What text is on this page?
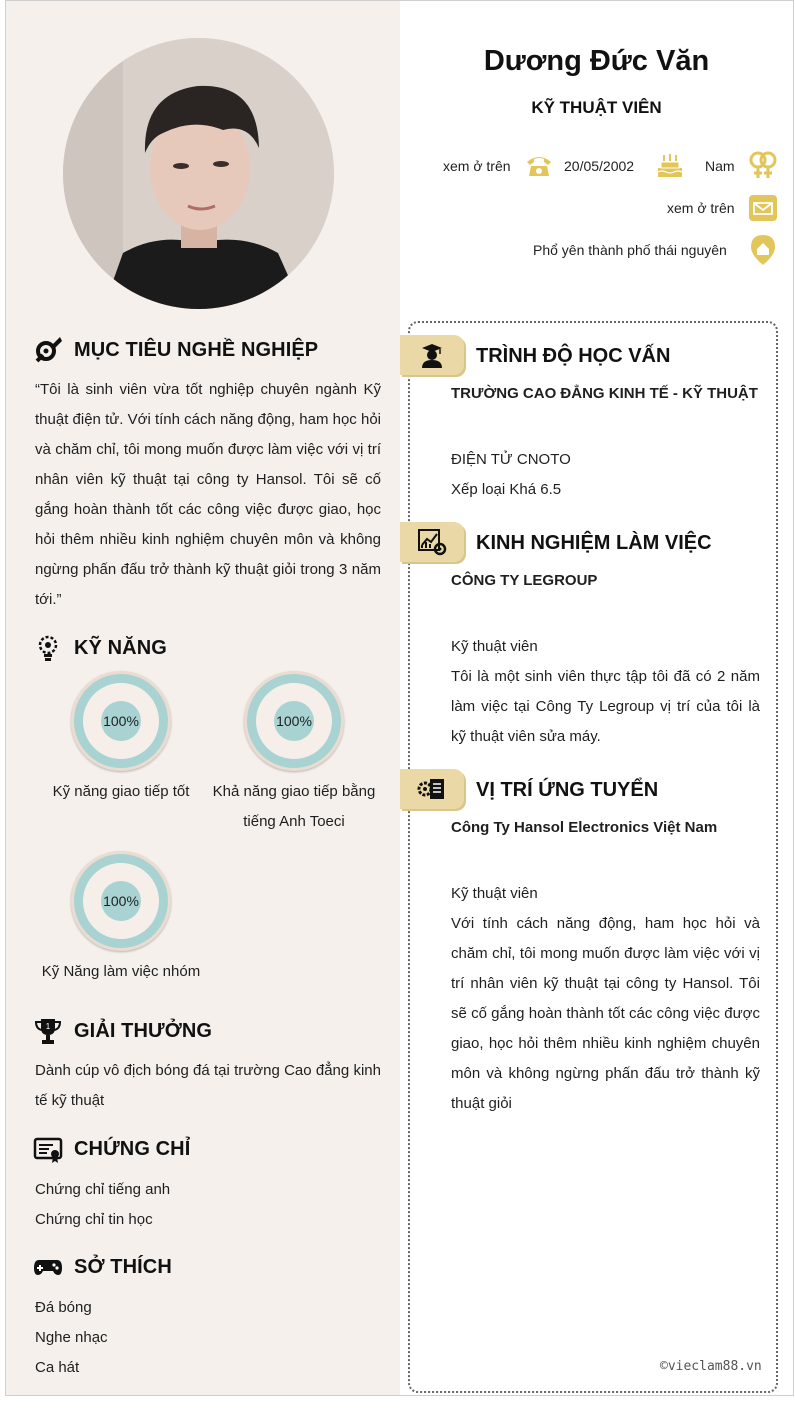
MỤC TIÊU NGHỀ NGHIỆP
“Tôi là sinh viên vừa tốt nghiệp chuyên ngành Kỹ thuật điện tử. Với tính cách năng động, ham học hỏi và chăm chỉ, tôi mong muốn được làm việc với vị trí nhân viên kỹ thuật tại công ty Hansol. Tôi sẽ cố gắng hoàn thành tốt các công việc được giao, học hỏi thêm nhiều kinh nghiệm chuyên môn và không ngừng phấn đấu trở thành kỹ thuật giỏi trong 3 năm tới.”
KỸ NĂNG
100%
Kỹ năng giao tiếp tốt
100%
Khả năng giao tiếp bằng tiếng Anh Toeci
100%
Kỹ Năng làm việc nhóm
1 GIẢI THƯỞNG
Dành cúp vô địch bóng đá tại trường Cao đẳng kinh tế kỹ thuật
CHỨNG CHỈ
Chứng chỉ tiếng anh
Chứng chỉ tin học
SỞ THÍCH
Đá bóng
Nghe nhạc
Ca hát
Dương Đức Văn
KỸ THUẬT VIÊN
xem ở trên	20/05/2002	Nam
xem ở trên
Phổ yên thành phố thái nguyên
TRÌNH ĐỘ HỌC VẤN
TRƯỜNG CAO ĐẲNG KINH TẾ - KỸ THUẬT
ĐIỆN TỬ CNOTO
Xếp loại Khá 6.5
KINH NGHIỆM LÀM VIỆC
CÔNG TY LEGROUP
Kỹ thuật viên
Tôi là một sinh viên thực tập tôi đã có 2 năm làm việc tại Công Ty Legroup vị trí của tôi là kỹ thuật viên sửa máy.
VỊ TRÍ ỨNG TUYỂN
Công Ty Hansol Electronics Việt Nam
Kỹ thuật viên
Với tính cách năng động, ham học hỏi và chăm chỉ, tôi mong muốn được làm việc với vị trí nhân viên kỹ thuật tại công ty Hansol. Tôi sẽ cố gắng hoàn thành tốt các công việc được giao, học hỏi thêm nhiều kinh nghiệm chuyên môn và không ngừng phấn đấu trở thành kỹ thuật giỏi
©vieclam88.vn
